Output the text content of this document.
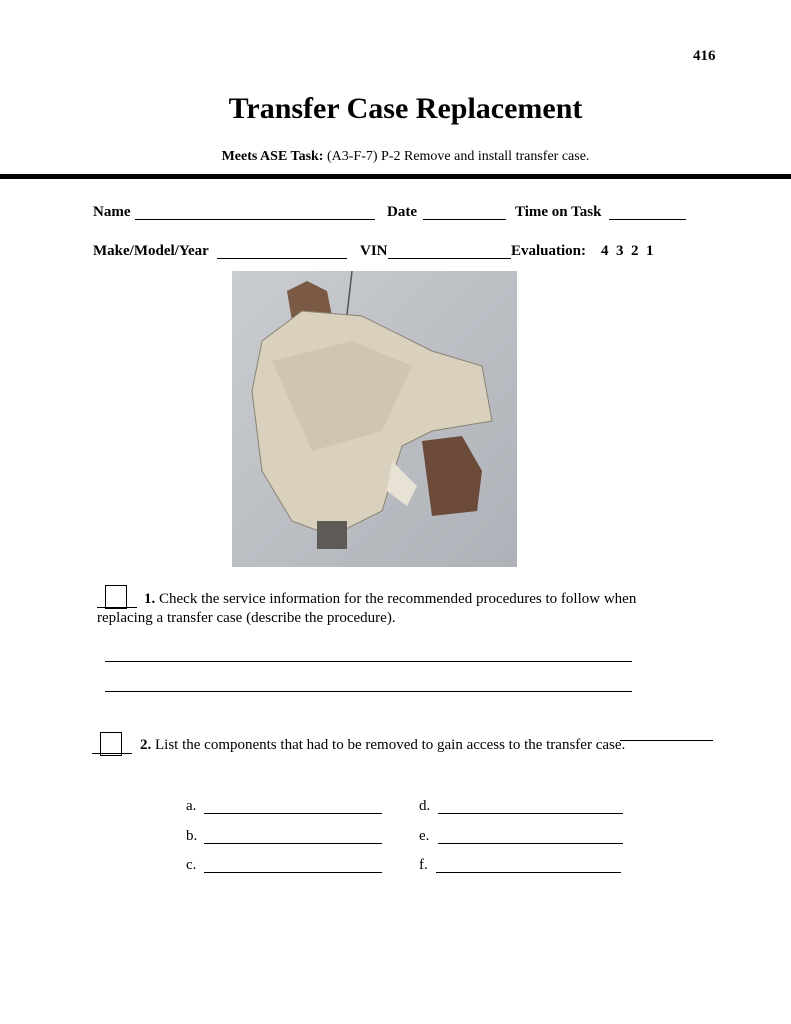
416
Transfer Case Replacement
Meets ASE Task: (A3-F-7) P-2 Remove and install transfer case.
Name	Date	Time on Task
Make/Model/Year	VIN	Evaluation: 4  3  2  1
1. Check the service information for the recommended procedures to follow when
replacing a transfer case (describe the procedure).
2. List the components that had to be removed to gain access to the transfer case.
a.
b.
c.
d.
e.
f.
